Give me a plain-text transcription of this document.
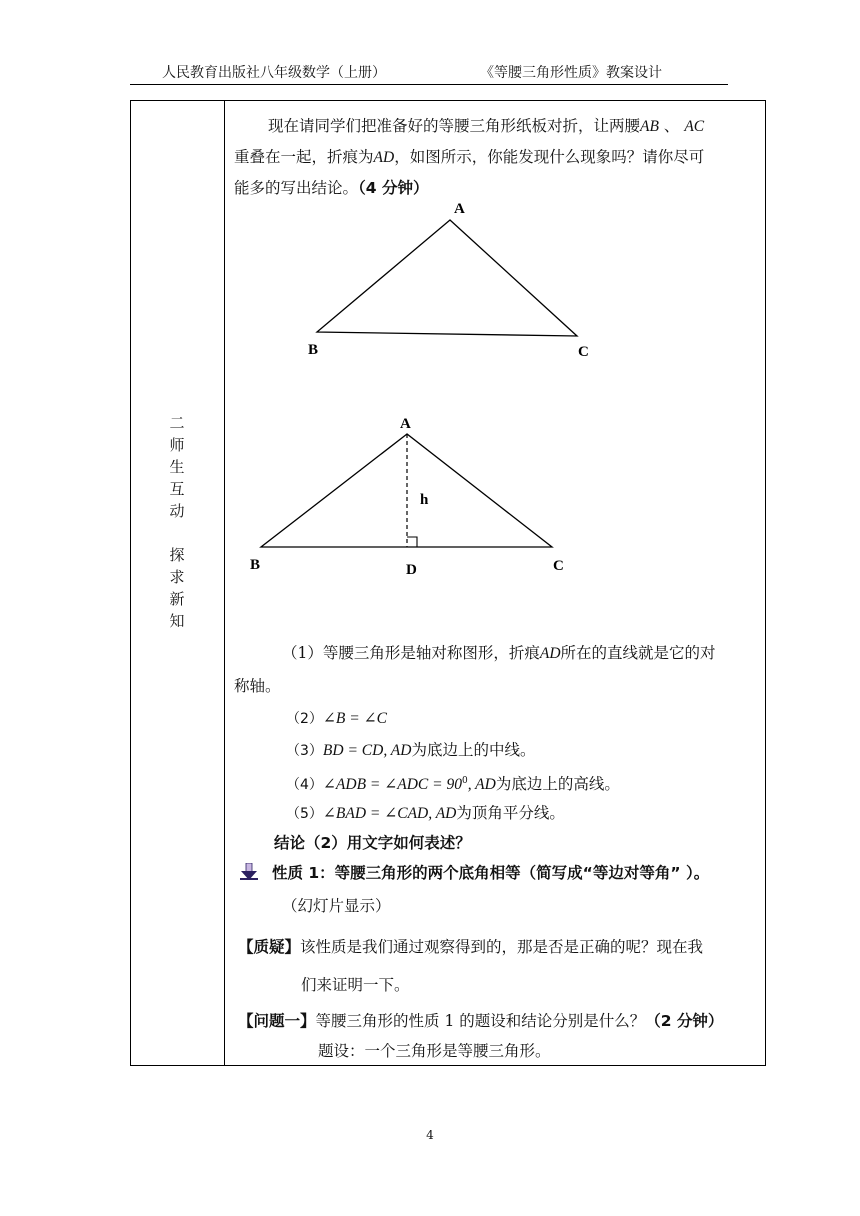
人民教育出版社八年级数学（上册）	《等腰三角形性质》教案设计
二
师
生
互
动
探
求
新
知
现在请同学们把准备好的等腰三角形纸板对折，让两腰AB 、 AC
重叠在一起，折痕为AD，如图所示，你能发现什么现象吗？请你尽可
能多的写出结论。（4 分钟）
A
B	C
A
h
B	D	C
（1）等腰三角形是轴对称图形，折痕AD所在的直线就是它的对
称轴。
（2）∠B = ∠C
（3）BD = CD, AD为底边上的中线。
（4）∠ADB = ∠ADC = $90^0$, AD为底边上的高线。
（5）∠BAD = ∠CAD, AD为顶角平分线。
结论（2）用文字如何表述？
性质 1：等腰三角形的两个底角相等（简写成“等边对等角” ）。
（幻灯片显示）
【质疑】该性质是我们通过观察得到的，那是否是正确的呢？现在我
们来证明一下。
【问题一】等腰三角形的性质 1 的题设和结论分别是什么？（2 分钟）
题设：一个三角形是等腰三角形。
4
